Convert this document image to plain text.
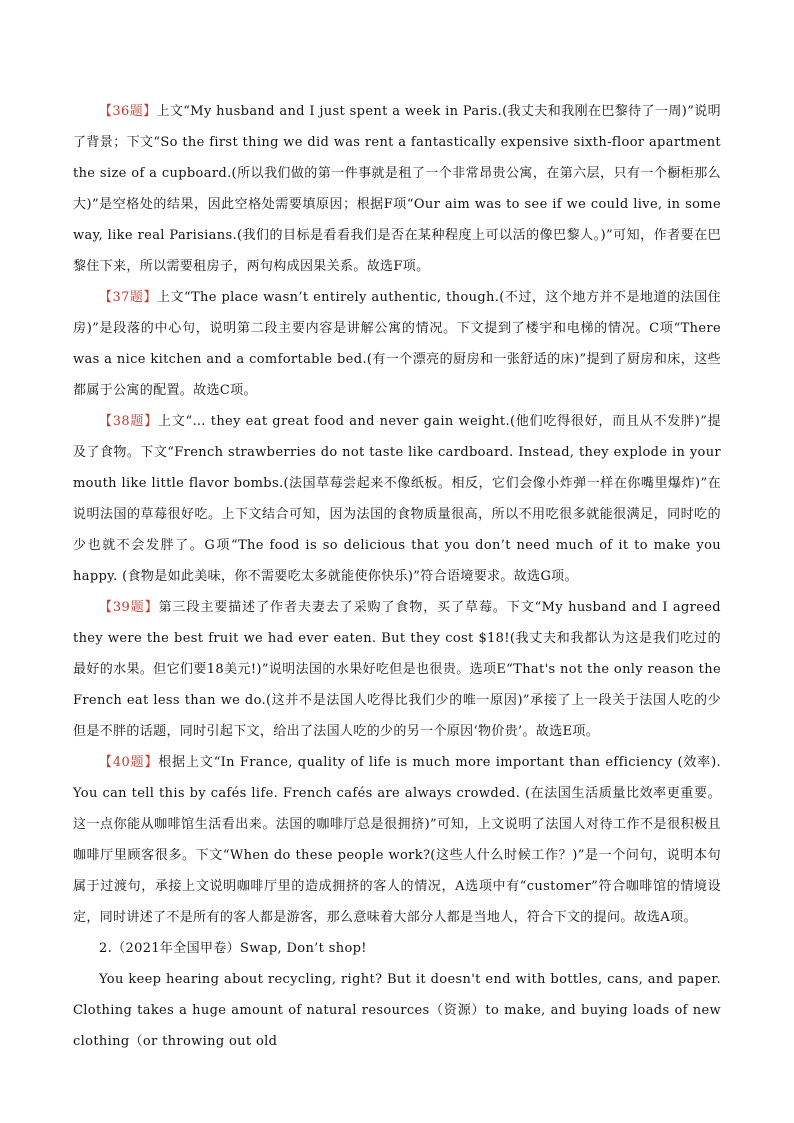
【36题】上文“My husband and I just spent a week in Paris.(我丈夫和我刚在巴黎待了一周)”说明了背景；下文“So the first thing we did was rent a fantastically expensive sixth-floor apartment the size of a cupboard.(所以我们做的第一件事就是租了一个非常昂贵公寓，在第六层，只有一个橱柜那么大)”是空格处的结果，因此空格处需要填原因；根据F项“Our aim was to see if we could live, in some way, like real Parisians.(我们的目标是看看我们是否在某种程度上可以活的像巴黎人。)”可知，作者要在巴黎住下来，所以需要租房子，两句构成因果关系。故选F项。

【37题】上文“The place wasn’t entirely authentic, though.(不过，这个地方并不是地道的法国住房)”是段落的中心句，说明第二段主要内容是讲解公寓的情况。下文提到了楼宇和电梯的情况。C项“There was a nice kitchen and a comfortable bed.(有一个漂亮的厨房和一张舒适的床)”提到了厨房和床，这些都属于公寓的配置。故选C项。

【38题】上文“… they eat great food and never gain weight.(他们吃得很好，而且从不发胖)”提及了食物。下文“French strawberries do not taste like cardboard. Instead, they explode in your mouth like little flavor bombs.(法国草莓尝起来不像纸板。相反，它们会像小炸弹一样在你嘴里爆炸)”在说明法国的草莓很好吃。上下文结合可知，因为法国的食物质量很高，所以不用吃很多就能很满足，同时吃的少也就不会发胖了。G项“The food is so delicious that you don’t need much of it to make you happy. (食物是如此美味，你不需要吃太多就能使你快乐)”符合语境要求。故选G项。

【39题】第三段主要描述了作者夫妻去了采购了食物，买了草莓。下文“My husband and I agreed they were the best fruit we had ever eaten. But they cost $18!(我丈夫和我都认为这是我们吃过的最好的水果。但它们要18美元!)”说明法国的水果好吃但是也很贵。选项E“That's not the only reason the French eat less than we do.(这并不是法国人吃得比我们少的唯一原因)”承接了上一段关于法国人吃的少但是不胖的话题，同时引起下文，给出了法国人吃的少的另一个原因‘物价贵’。故选E项。

【40题】根据上文“In France, quality of life is much more important than efficiency (效率). You can tell this by cafés life. French cafés are always crowded. (在法国生活质量比效率更重要。这一点你能从咖啡馆生活看出来。法国的咖啡厅总是很拥挤)”可知，上文说明了法国人对待工作不是很积极且咖啡厅里顾客很多。下文“When do these people work?(这些人什么时候工作？)”是一个问句，说明本句属于过渡句，承接上文说明咖啡厅里的造成拥挤的客人的情况，A选项中有“customer”符合咖啡馆的情境设定，同时讲述了不是所有的客人都是游客，那么意味着大部分人都是当地人，符合下文的提问。故选A项。

2.（2021年全国甲卷）Swap, Don’t shop!

You keep hearing about recycling, right? But it doesn't end with bottles, cans, and paper. Clothing takes a huge amount of natural resources（资源）to make, and buying loads of new clothing（or throwing out old
